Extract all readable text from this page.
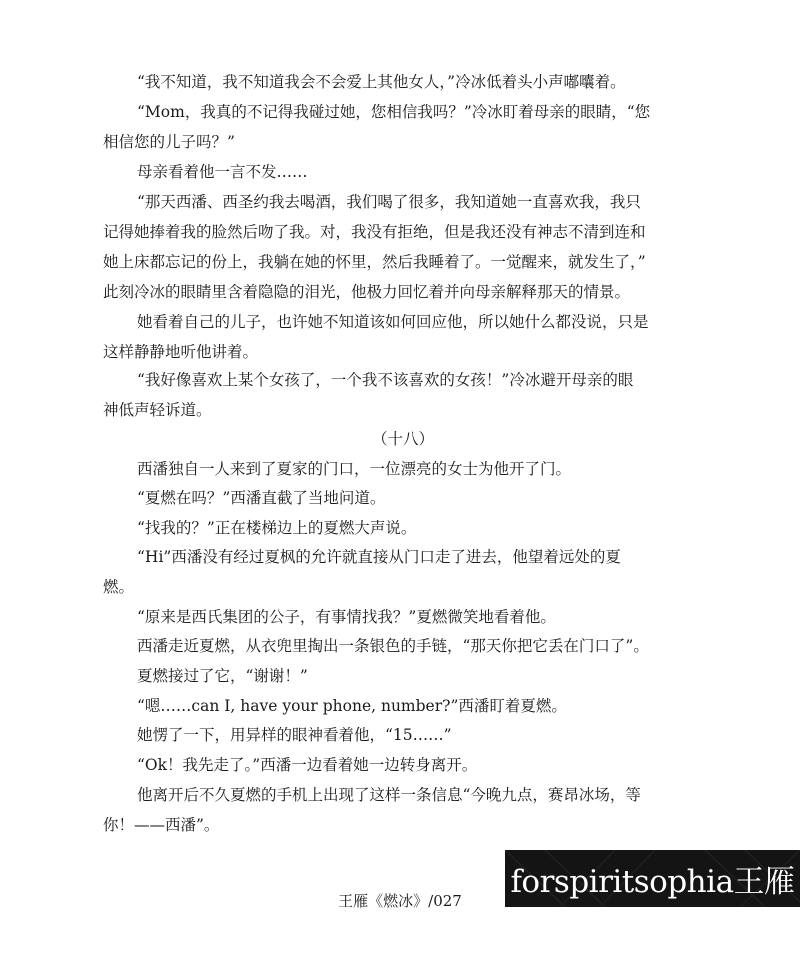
“我不知道，我不知道我会不会爱上其他女人，”冷冰低着头小声嘟囔着。
“Mom，我真的不记得我碰过她，您相信我吗？”冷冰盯着母亲的眼睛，“您
相信您的儿子吗？”
母亲看着他一言不发……
“那天西潘、西圣约我去喝酒，我们喝了很多，我知道她一直喜欢我，我只
记得她捧着我的脸然后吻了我。对，我没有拒绝，但是我还没有神志不清到连和
她上床都忘记的份上，我躺在她的怀里，然后我睡着了。一觉醒来，就发生了，”
此刻冷冰的眼睛里含着隐隐的泪光，他极力回忆着并向母亲解释那天的情景。
她看着自己的儿子，也许她不知道该如何回应他，所以她什么都没说，只是
这样静静地听他讲着。
“我好像喜欢上某个女孩了，一个我不该喜欢的女孩！”冷冰避开母亲的眼
神低声轻诉道。
（十八）
西潘独自一人来到了夏家的门口，一位漂亮的女士为他开了门。
“夏燃在吗？”西潘直截了当地问道。
“找我的？”正在楼梯边上的夏燃大声说。
“Hi”西潘没有经过夏枫的允许就直接从门口走了进去，他望着远处的夏
燃。
“原来是西氏集团的公子，有事情找我？”夏燃微笑地看着他。
西潘走近夏燃，从衣兜里掏出一条银色的手链，“那天你把它丢在门口了”。
夏燃接过了它，“谢谢！”
“嗯……can I, have your phone, number?”西潘盯着夏燃。
她愣了一下，用异样的眼神看着他，“15……”
“Ok！我先走了。”西潘一边看着她一边转身离开。
他离开后不久夏燃的手机上出现了这样一条信息“今晚九点，赛昂冰场，等
你！——西潘”。
王雁《燃冰》/027
forspiritsophia王雁
